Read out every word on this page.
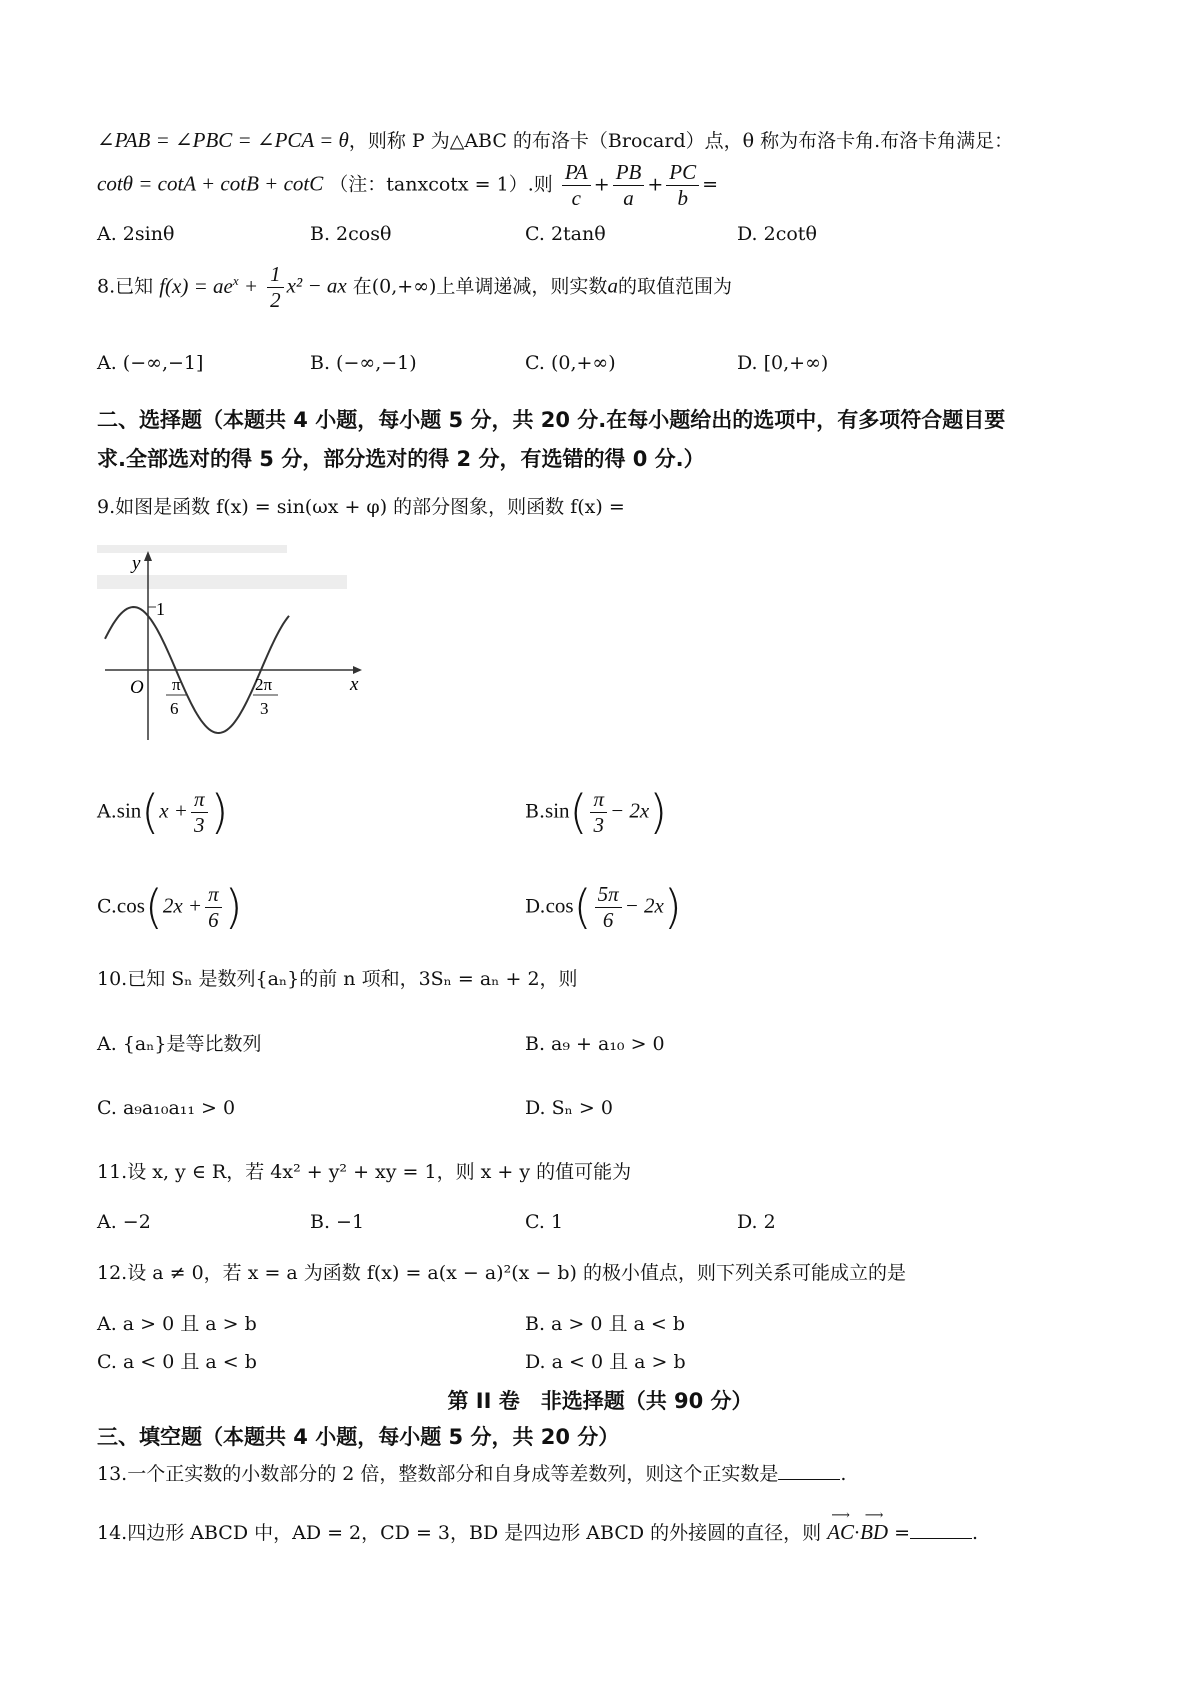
∠PAB = ∠PBC = ∠PCA = θ，则称 P 为△ABC 的布洛卡（Brocard）点，θ 称为布洛卡角.布洛卡角满足：
cotθ = cotA + cotB + cotC （注：tanxcotx = 1）.则 $\frac{PA}{c} + \frac{PB}{a} + \frac{PC}{b}$ =
A. 2sinθ	B. 2cosθ	C. 2tanθ	D. 2cotθ
8.已知 $f(x) = ae^x + \frac{1}{2} x^2$ − ax 在(0,+∞)上单调递减，则实数a的取值范围为
A. (−∞,−1]	B. (−∞,−1)	C. (0,+∞)	D. [0,+∞)
二、选择题（本题共 4 小题，每小题 5 分，共 20 分.在每小题给出的选项中，有多项符合题目要
求.全部选对的得 5 分，部分选对的得 2 分，有选错的得 0 分.）
9.如图是函数 f(x) = sin(ωx + φ) 的部分图象，则函数 f(x) =
y
x
O
1
π
6
2π
3
$A.\sin(x + \frac{\pi}{3}$ )	$B.\sin( \frac{\pi}{3} - 2x)$
$C.\cos(2x + \frac{\pi}{6}$ )	$D.\cos( \frac{5\pi}{6} - 2x)$
10.已知 Sₙ 是数列{aₙ}的前 n 项和，3Sₙ = aₙ + 2，则
A. {aₙ}是等比数列	B. a₉ + a₁₀ > 0
C. a₉a₁₀a₁₁ > 0	D. Sₙ > 0
11.设 x, y ∈ R，若 4x² + y² + xy = 1，则 x + y 的值可能为
A. −2	B. −1	C. 1	D. 2
12.设 a ≠ 0，若 x = a 为函数 f(x) = a(x − a)²(x − b) 的极小值点，则下列关系可能成立的是
A. a > 0 且 a > b	B. a > 0 且 a < b
C. a < 0 且 a < b	D. a < 0 且 a > b
第 II 卷　非选择题（共 90 分）
三、填空题（本题共 4 小题，每小题 5 分，共 20 分）
13.一个正实数的小数部分的 2 倍，整数部分和自身成等差数列，则这个正实数是	.
14.四边形 ABCD 中，AD = 2，CD = 3，BD 是四边形 ABCD 的外接圆的直径，则
⟶
AC·
⟶
BD =	.
